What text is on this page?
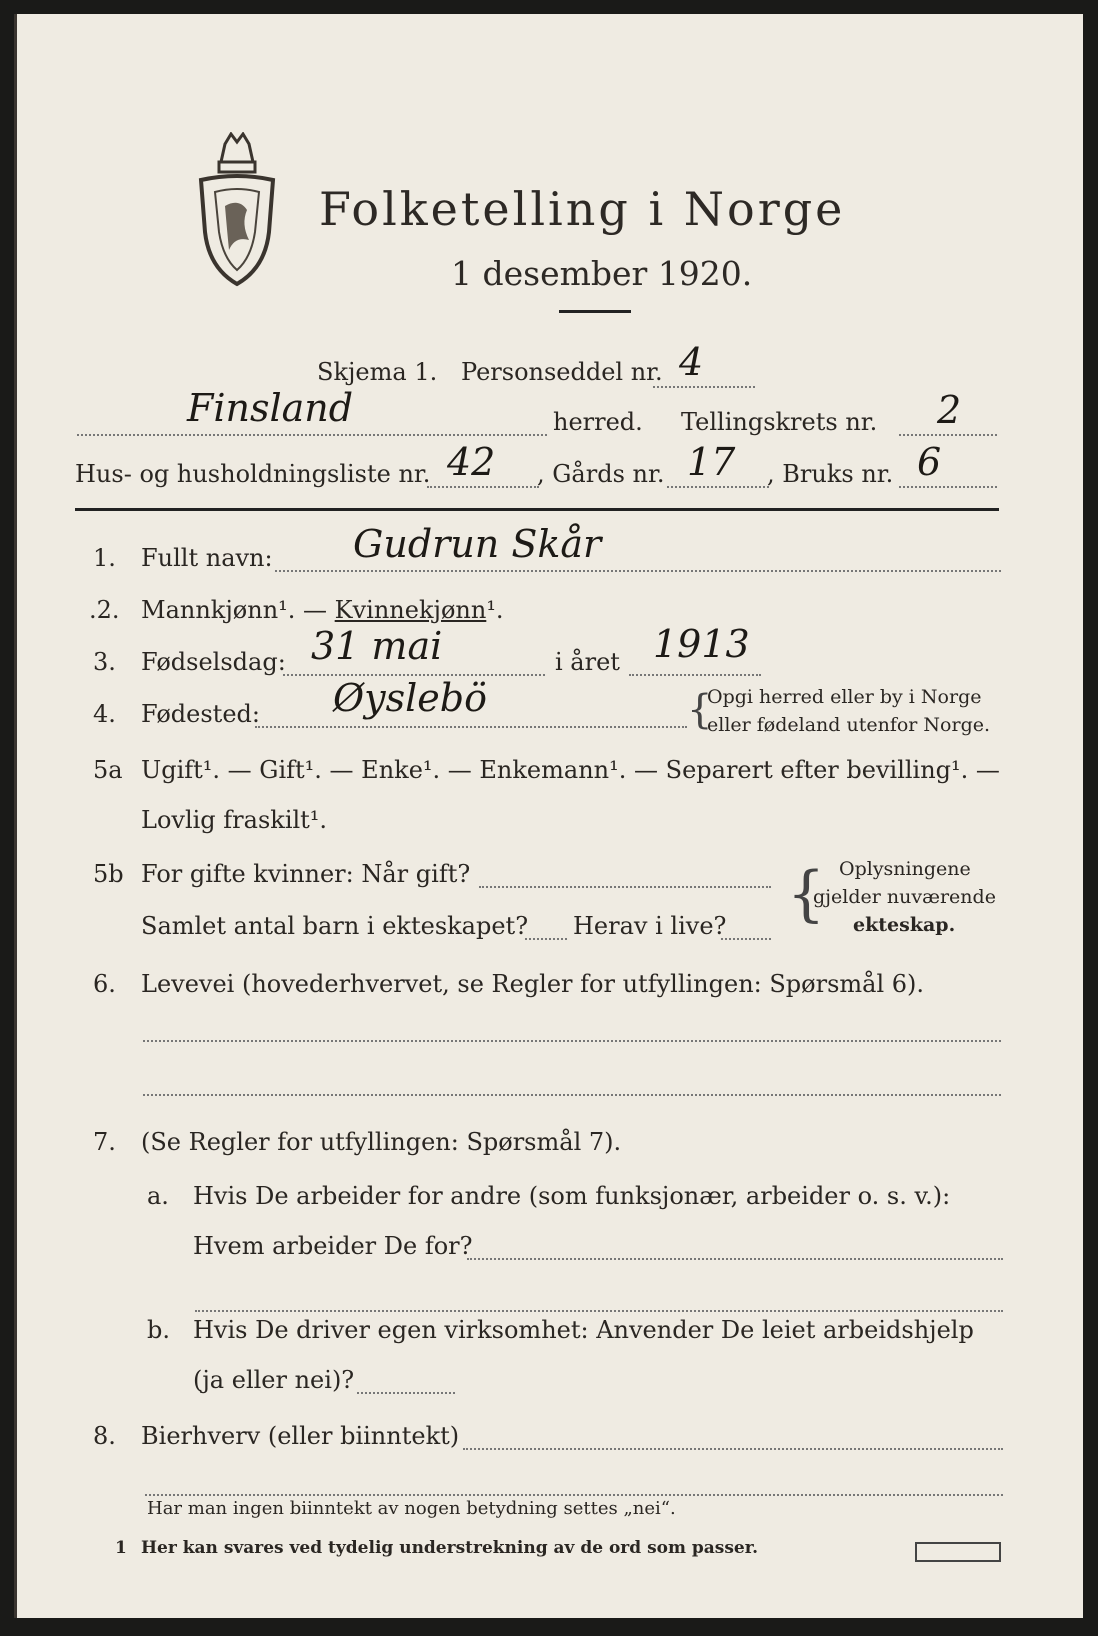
Folketelling i Norge
1 desember 1920.
Skjema 1. Personseddel nr. 4
Finsland	herred. Tellingskrets nr. 2
Hus- og husholdningsliste nr. 42 , Gårds nr. 17 , Bruks nr. 6
1. Fullt navn: Gudrun Skår
.2. Mannkjønn¹. — Kvinnekjønn¹.
3. Fødselsdag: 31 mai	i året 1913
4. Fødested: Øyslebö	{
Opgi herred eller by i Norge
eller fødeland utenfor Norge.
5a Ugift¹. — Gift¹. — Enke¹. — Enkemann¹. — Separert efter bevilling¹. —
Lovlig fraskilt¹.
5b For gifte kvinner: Når gift?
Samlet antal barn i ekteskapet? Herav i live? { Oplysningene
gjelder nuværende
ekteskap.
6. Levevei (hovederhvervet, se Regler for utfyllingen: Spørsmål 6).
7. (Se Regler for utfyllingen: Spørsmål 7).
a. Hvis De arbeider for andre (som funksjonær, arbeider o. s. v.):
Hvem arbeider De for?
b. Hvis De driver egen virksomhet: Anvender De leiet arbeidshjelp
(ja eller nei)?
8. Bierhverv (eller biinntekt)
Har man ingen biinntekt av nogen betydning settes „nei“.
1 Her kan svares ved tydelig understrekning av de ord som passer.
